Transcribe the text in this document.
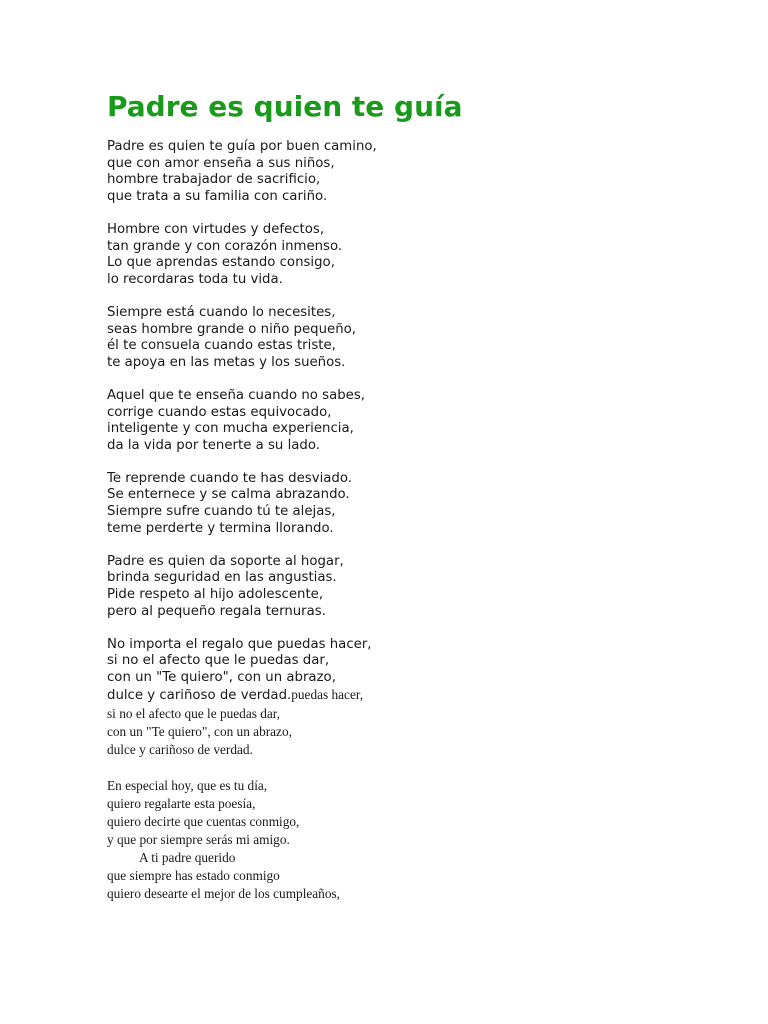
Padre es quien te guía
Padre es quien te guía por buen camino,
que con amor enseña a sus niños,
hombre trabajador de sacrificio,
que trata a su familia con cariño.
Hombre con virtudes y defectos,
tan grande y con corazón inmenso.
Lo que aprendas estando consigo,
lo recordaras toda tu vida.
Siempre está cuando lo necesites,
seas hombre grande o niño pequeño,
él te consuela cuando estas triste,
te apoya en las metas y los sueños.
Aquel que te enseña cuando no sabes,
corrige cuando estas equivocado,
inteligente y con mucha experiencia,
da la vida por tenerte a su lado.
Te reprende cuando te has desviado.
Se enternece y se calma abrazando.
Siempre sufre cuando tú te alejas,
teme perderte y termina llorando.
Padre es quien da soporte al hogar,
brinda seguridad en las angustias.
Pide respeto al hijo adolescente,
pero al pequeño regala ternuras.
No importa el regalo que puedas hacer,
si no el afecto que le puedas dar,
con un "Te quiero", con un abrazo,
dulce y cariñoso de verdad.puedas hacer,
si no el afecto que le puedas dar,
con un "Te quiero", con un abrazo,
dulce y cariñoso de verdad.
En especial hoy, que es tu día,
quiero regalarte esta poesía,
quiero decirte que cuentas conmigo,
y que por siempre serás mi amigo.
A ti padre querido
que siempre has estado conmigo
quiero desearte el mejor de los cumpleaños,
